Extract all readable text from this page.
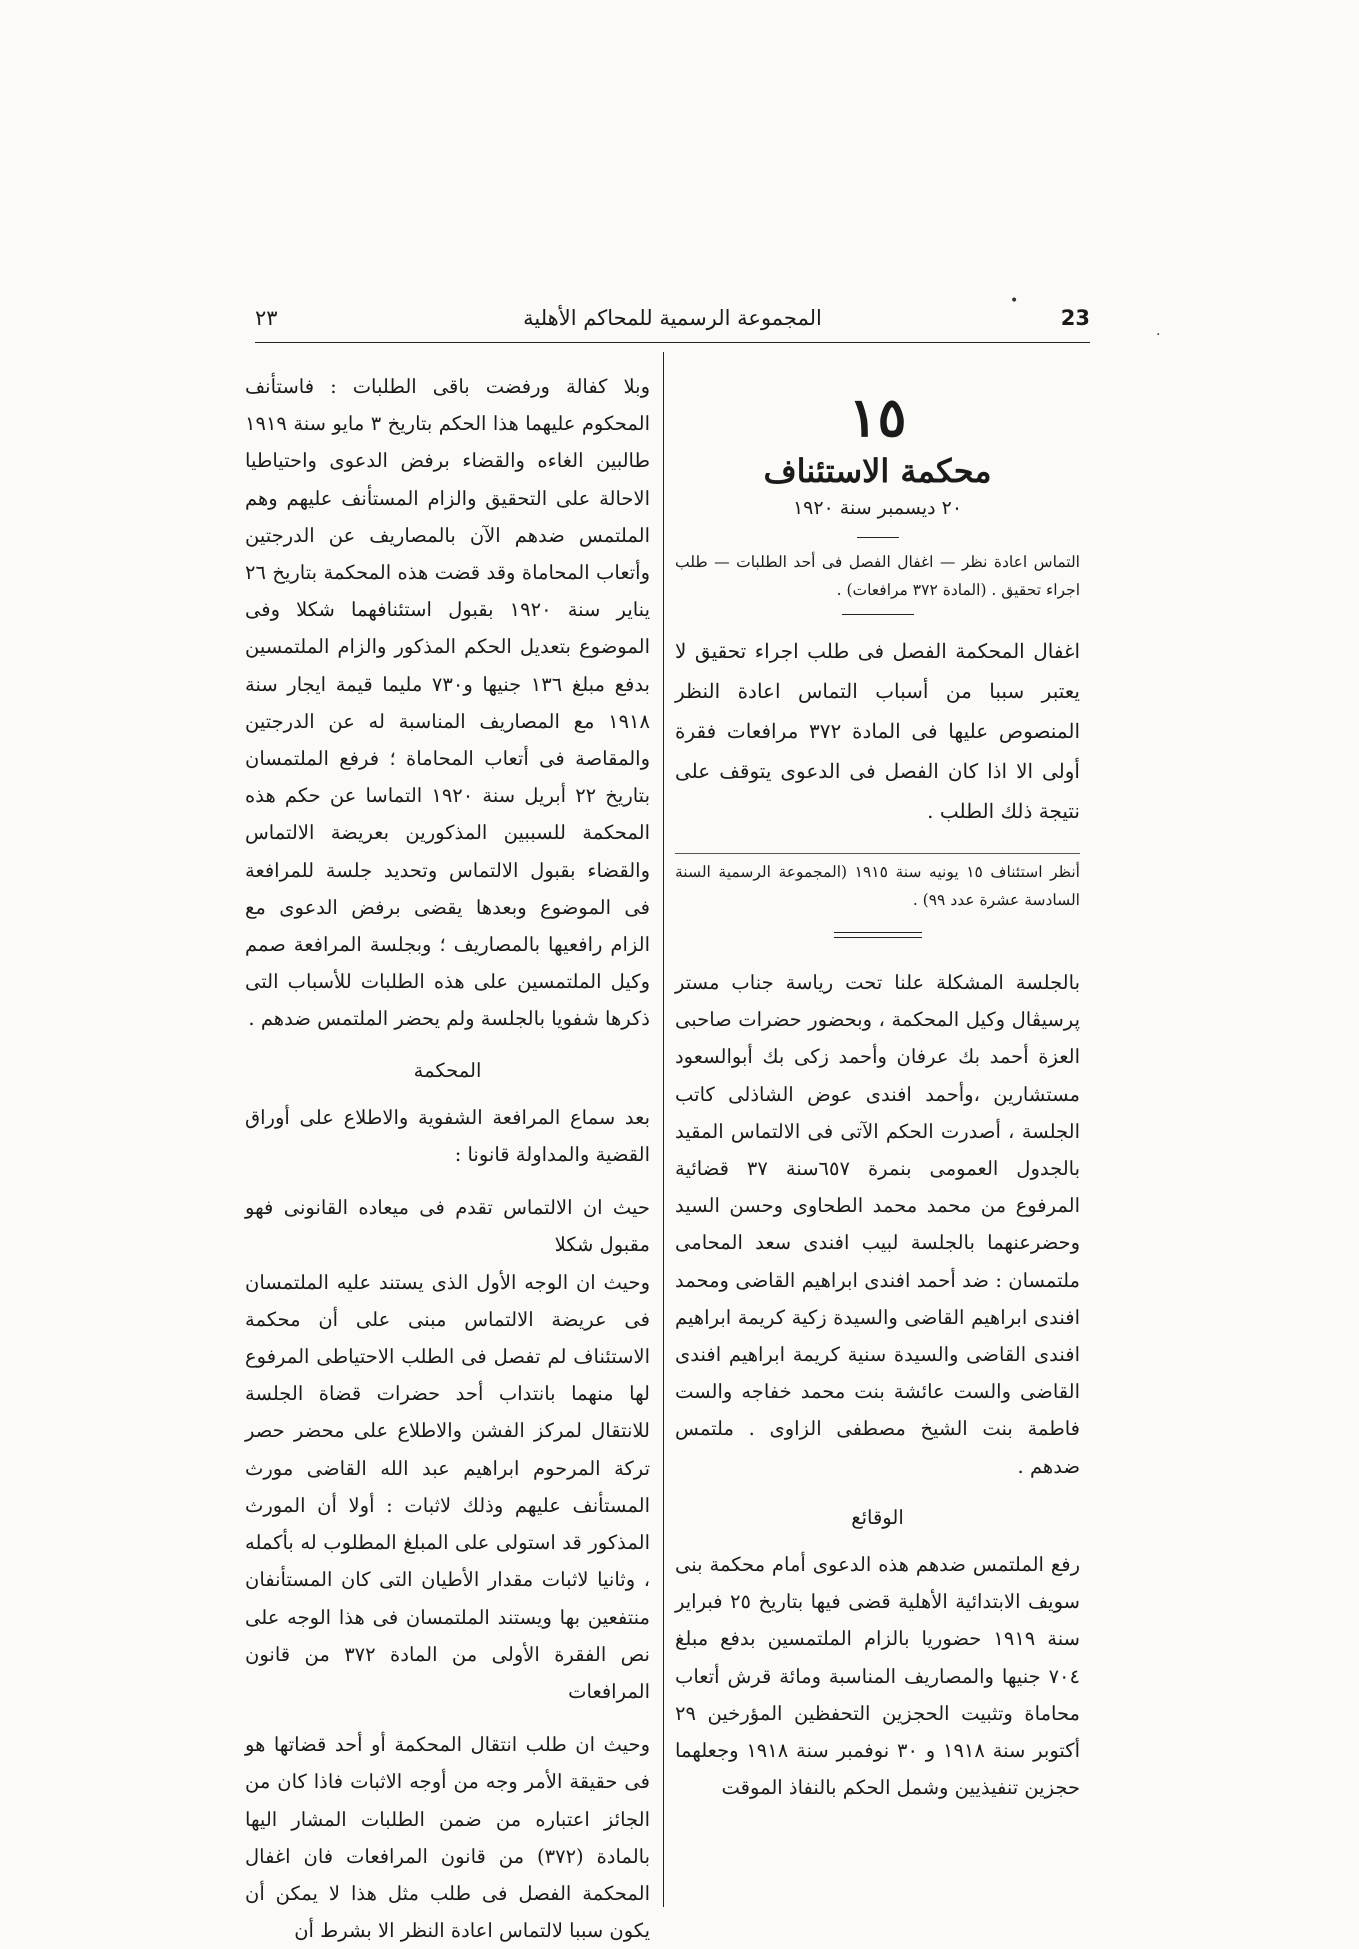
٢٣	المجموعة الرسمية للمحاكم الأهلية	23

١٥

محكمة الاستئناف

٢٠ ديسمبر سنة ١٩٢٠

التماس اعادة نظر — اغفال الفصل فى أحد الطلبات — طلب اجراء تحقيق . (المادة ٣٧٢ مرافعات) .

اغفال المحكمة الفصل فى طلب اجراء تحقيق لا يعتبر سببا من أسباب التماس اعادة النظر المنصوص عليها فى المادة ٣٧٢ مرافعات فقرة أولى الا اذا كان الفصل فى الدعوى يتوقف على نتيجة ذلك الطلب .

أنظر استئناف ١٥ يونيه سنة ١٩١٥ (المجموعة الرسمية السنة السادسة عشرة عدد ٩٩) .

بالجلسة المشكلة علنا تحت رياسة جناب مستر پرسيڤال وكيل المحكمة ، وبحضور حضرات صاحبى العزة أحمد بك عرفان وأحمد زكى بك أبوالسعود مستشارين ،وأحمد افندى عوض الشاذلى كاتب الجلسة ، أصدرت الحكم الآتى فى الالتماس المقيد بالجدول العمومى بنمرة ٦٥٧سنة ٣٧ قضائية المرفوع من محمد محمد الطحاوى وحسن السيد وحضرعنهما بالجلسة لبيب افندى سعد المحامى ملتمسان : ضد أحمد افندى ابراهيم القاضى ومحمد افندى ابراهيم القاضى والسيدة زكية كريمة ابراهيم افندى القاضى والسيدة سنية كريمة ابراهيم افندى القاضى والست عائشة بنت محمد خفاجه والست فاطمة بنت الشيخ مصطفى الزاوى . ملتمس ضدهم .

الوقائع

رفع الملتمس ضدهم هذه الدعوى أمام محكمة بنى سويف الابتدائية الأهلية قضى فيها بتاريخ ٢٥ فبراير سنة ١٩١٩ حضوريا بالزام الملتمسين بدفع مبلغ ٧٠٤ جنيها والمصاريف المناسبة ومائة قرش أتعاب محاماة وتثبيت الحجزين التحفظين المؤرخين ٢٩ أكتوبر سنة ١٩١٨ و ٣٠ نوفمبر سنة ١٩١٨ وجعلهما حجزين تنفيذيين وشمل الحكم بالنفاذ الموقت

وبلا كفالة ورفضت باقى الطلبات : فاستأنف المحكوم عليهما هذا الحكم بتاريخ ٣ مايو سنة ١٩١٩ طالبين الغاءه والقضاء برفض الدعوى واحتياطيا الاحالة على التحقيق والزام المستأنف عليهم وهم الملتمس ضدهم الآن بالمصاريف عن الدرجتين وأتعاب المحاماة وقد قضت هذه المحكمة بتاريخ ٢٦ يناير سنة ١٩٢٠ بقبول استئنافهما شكلا وفى الموضوع بتعديل الحكم المذكور والزام الملتمسين بدفع مبلغ ١٣٦ جنيها و٧٣٠ مليما قيمة ايجار سنة ١٩١٨ مع المصاريف المناسبة له عن الدرجتين والمقاصة فى أتعاب المحاماة ؛ فرفع الملتمسان بتاريخ ٢٢ أبريل سنة ١٩٢٠ التماسا عن حكم هذه المحكمة للسببين المذكورين بعريضة الالتماس والقضاء بقبول الالتماس وتحديد جلسة للمرافعة فى الموضوع وبعدها يقضى برفض الدعوى مع الزام رافعيها بالمصاريف ؛ وبجلسة المرافعة صمم وكيل الملتمسين على هذه الطلبات للأسباب التى ذكرها شفويا بالجلسة ولم يحضر الملتمس ضدهم .

المحكمة

بعد سماع المرافعة الشفوية والاطلاع على أوراق القضية والمداولة قانونا :

حيث ان الالتماس تقدم فى ميعاده القانونى فهو مقبول شكلا

وحيث ان الوجه الأول الذى يستند عليه الملتمسان فى عريضة الالتماس مبنى على أن محكمة الاستئناف لم تفصل فى الطلب الاحتياطى المرفوع لها منهما بانتداب أحد حضرات قضاة الجلسة للانتقال لمركز الفشن والاطلاع على محضر حصر تركة المرحوم ابراهيم عبد الله القاضى مورث المستأنف عليهم وذلك لاثبات : أولا أن المورث المذكور قد استولى على المبلغ المطلوب له بأكمله ، وثانيا لاثبات مقدار الأطيان التى كان المستأنفان منتفعين بها ويستند الملتمسان فى هذا الوجه على نص الفقرة الأولى من المادة ٣٧٢ من قانون المرافعات

وحيث ان طلب انتقال المحكمة أو أحد قضاتها هو فى حقيقة الأمر وجه من أوجه الاثبات فاذا كان من الجائز اعتباره من ضمن الطلبات المشار اليها بالمادة (٣٧٢) من قانون المرافعات فان اغفال المحكمة الفصل فى طلب مثل هذا لا يمكن أن يكون سببا لالتماس اعادة النظر الا بشرط أن

•
·
